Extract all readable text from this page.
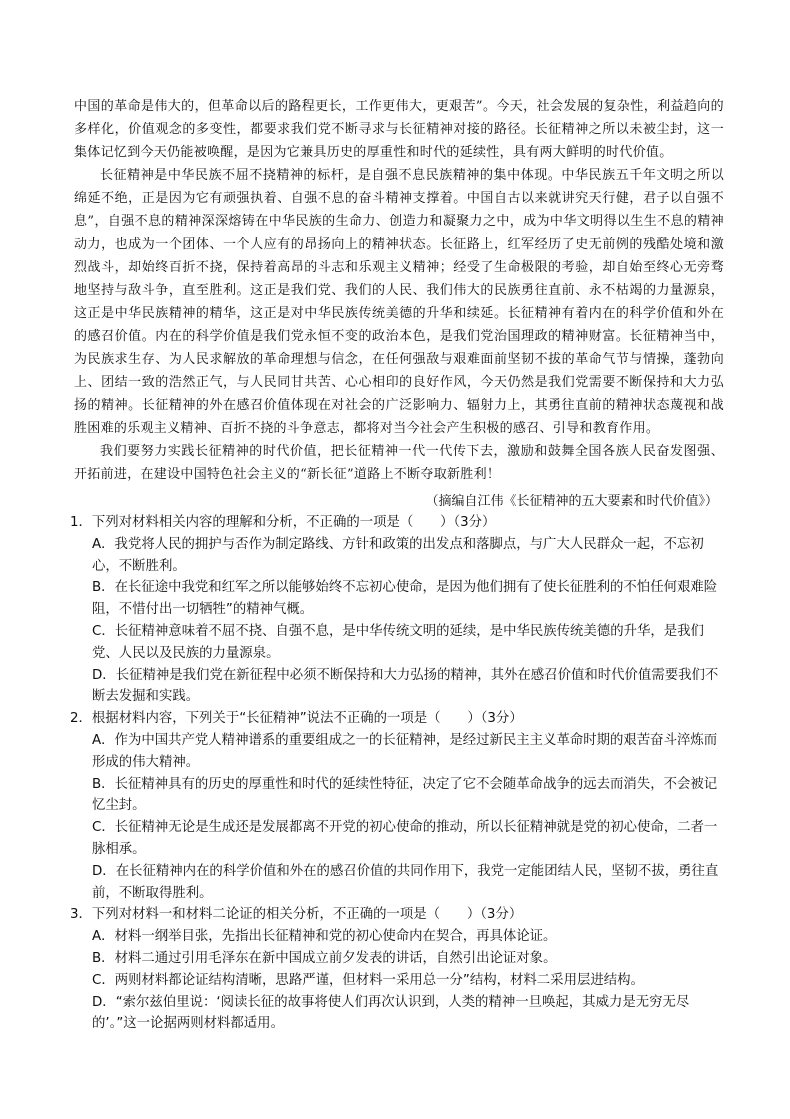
中国的革命是伟大的，但革命以后的路程更长，工作更伟大，更艰苦”。今天，社会发展的复杂性，利益趋向的多样化，价值观念的多变性，都要求我们党不断寻求与长征精神对接的路径。长征精神之所以未被尘封，这一集体记忆到今天仍能被唤醒，是因为它兼具历史的厚重性和时代的延续性，具有两大鲜明的时代价值。

长征精神是中华民族不屈不挠精神的标杆，是自强不息民族精神的集中体现。中华民族五千年文明之所以绵延不绝，正是因为它有顽强执着、自强不息的奋斗精神支撑着。中国自古以来就讲究天行健，君子以自强不息”，自强不息的精神深深熔铸在中华民族的生命力、创造力和凝聚力之中，成为中华文明得以生生不息的精神动力，也成为一个团体、一个人应有的昂扬向上的精神状态。长征路上，红军经历了史无前例的残酷处境和激烈战斗，却始终百折不挠，保持着高昂的斗志和乐观主义精神；经受了生命极限的考验，却自始至终心无旁骛地坚持与敌斗争，直至胜利。这正是我们党、我们的人民、我们伟大的民族勇往直前、永不枯竭的力量源泉，这正是中华民族精神的精华，这正是对中华民族传统美德的升华和续延。长征精神有着内在的科学价值和外在的感召价值。内在的科学价值是我们党永恒不变的政治本色，是我们党治国理政的精神财富。长征精神当中，为民族求生存、为人民求解放的革命理想与信念，在任何强敌与艰难面前坚韧不拔的革命气节与情操，蓬勃向上、团结一致的浩然正气，与人民同甘共苦、心心相印的良好作风，今天仍然是我们党需要不断保持和大力弘扬的精神。长征精神的外在感召价值体现在对社会的广泛影响力、辐射力上，其勇往直前的精神状态蔑视和战胜困难的乐观主义精神、百折不挠的斗争意志，都将对当今社会产生积极的感召、引导和教育作用。

我们要努力实践长征精神的时代价值，把长征精神一代一代传下去，激励和鼓舞全国各族人民奋发图强、开拓前进，在建设中国特色社会主义的“新长征”道路上不断夺取新胜利！

（摘编自江伟《长征精神的五大要素和时代价值》）

1．下列对材料相关内容的理解和分析，不正确的一项是（　　）（3分）

A．我党将人民的拥护与否作为制定路线、方针和政策的出发点和落脚点，与广大人民群众一起，不忘初心，不断胜利。

B．在长征途中我党和红军之所以能够始终不忘初心使命，是因为他们拥有了使长征胜利的不怕任何艰难险阻，不惜付出一切牺牲”的精神气概。

C．长征精神意味着不屈不挠、自强不息，是中华传统文明的延续，是中华民族传统美德的升华，是我们党、人民以及民族的力量源泉。

D．长征精神是我们党在新征程中必须不断保持和大力弘扬的精神，其外在感召价值和时代价值需要我们不断去发掘和实践。

2．根据材料内容，下列关于“长征精神”说法不正确的一项是（　　）（3分）

A．作为中国共产党人精神谱系的重要组成之一的长征精神，是经过新民主主义革命时期的艰苦奋斗淬炼而形成的伟大精神。

B．长征精神具有的历史的厚重性和时代的延续性特征，决定了它不会随革命战争的远去而消失，不会被记忆尘封。

C．长征精神无论是生成还是发展都离不开党的初心使命的推动，所以长征精神就是党的初心使命，二者一脉相承。

D．在长征精神内在的科学价值和外在的感召价值的共同作用下，我党一定能团结人民，坚韧不拔，勇往直前，不断取得胜利。

3．下列对材料一和材料二论证的相关分析，不正确的一项是（　　）（3分）

A．材料一纲举目张，先指出长征精神和党的初心使命内在契合，再具体论证。

B．材料二通过引用毛泽东在新中国成立前夕发表的讲话，自然引出论证对象。

C．两则材料都论证结构清晰，思路严谨，但材料一采用总一分”结构，材料二采用层进结构。

D．“索尔兹伯里说：‘阅读长征的故事将使人们再次认识到，人类的精神一旦唤起，其威力是无穷无尽的’。”这一论据两则材料都适用。
